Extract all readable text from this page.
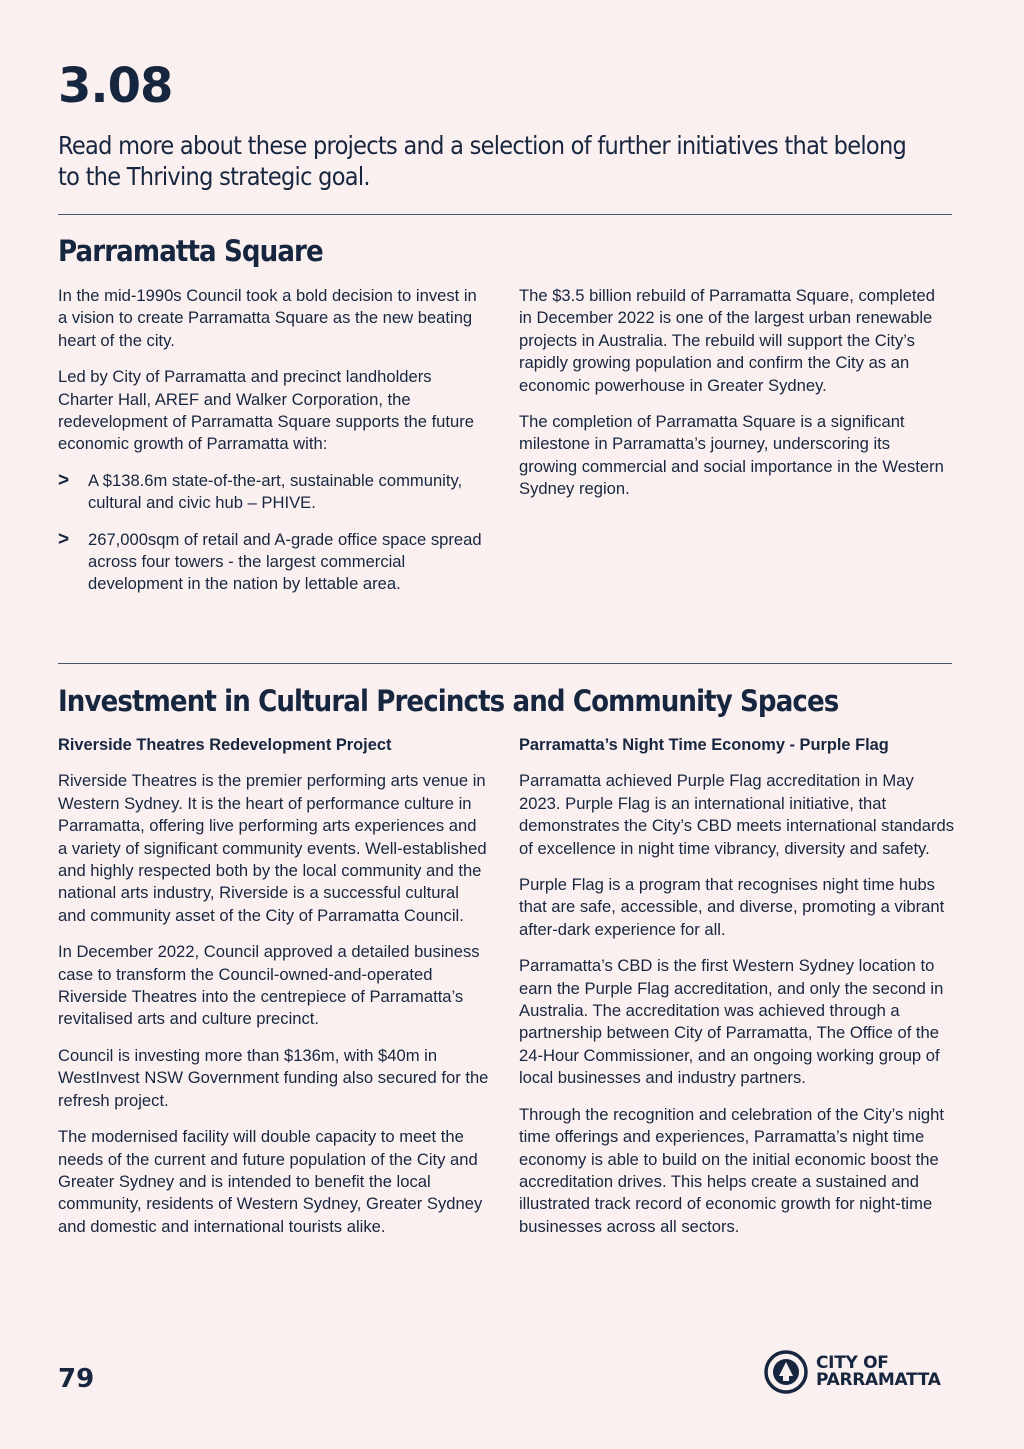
3.08

Read more about these projects and a selection of further initiatives that belong to the Thriving strategic goal.

Parramatta Square

In the mid-1990s Council took a bold decision to invest in a vision to create Parramatta Square as the new beating heart of the city.

Led by City of Parramatta and precinct landholders Charter Hall, AREF and Walker Corporation, the redevelopment of Parramatta Square supports the future economic growth of Parramatta with:

> A $138.6m state-of-the-art, sustainable community, cultural and civic hub – PHIVE.
> 267,000sqm of retail and A-grade office space spread across four towers - the largest commercial development in the nation by lettable area.

The $3.5 billion rebuild of Parramatta Square, completed in December 2022 is one of the largest urban renewable projects in Australia. The rebuild will support the City’s rapidly growing population and confirm the City as an economic powerhouse in Greater Sydney.

The completion of Parramatta Square is a significant milestone in Parramatta’s journey, underscoring its growing commercial and social importance in the Western Sydney region.

Investment in Cultural Precincts and Community Spaces

Riverside Theatres Redevelopment Project

Riverside Theatres is the premier performing arts venue in Western Sydney. It is the heart of performance culture in Parramatta, offering live performing arts experiences and a variety of significant community events. Well-established and highly respected both by the local community and the national arts industry, Riverside is a successful cultural and community asset of the City of Parramatta Council.

In December 2022, Council approved a detailed business case to transform the Council-owned-and-operated Riverside Theatres into the centrepiece of Parramatta’s revitalised arts and culture precinct.

Council is investing more than $136m, with $40m in WestInvest NSW Government funding also secured for the refresh project.

The modernised facility will double capacity to meet the needs of the current and future population of the City and Greater Sydney and is intended to benefit the local community, residents of Western Sydney, Greater Sydney and domestic and international tourists alike.

Parramatta’s Night Time Economy - Purple Flag

Parramatta achieved Purple Flag accreditation in May 2023. Purple Flag is an international initiative, that demonstrates the City’s CBD meets international standards of excellence in night time vibrancy, diversity and safety.

Purple Flag is a program that recognises night time hubs that are safe, accessible, and diverse, promoting a vibrant after-dark experience for all.

Parramatta’s CBD is the first Western Sydney location to earn the Purple Flag accreditation, and only the second in Australia. The accreditation was achieved through a partnership between City of Parramatta, The Office of the 24-Hour Commissioner, and an ongoing working group of local businesses and industry partners.

Through the recognition and celebration of the City’s night time offerings and experiences, Parramatta’s night time economy is able to build on the initial economic boost the accreditation drives. This helps create a sustained and illustrated track record of economic growth for night-time businesses across all sectors.

79

CITY OF
PARRAMATTA
